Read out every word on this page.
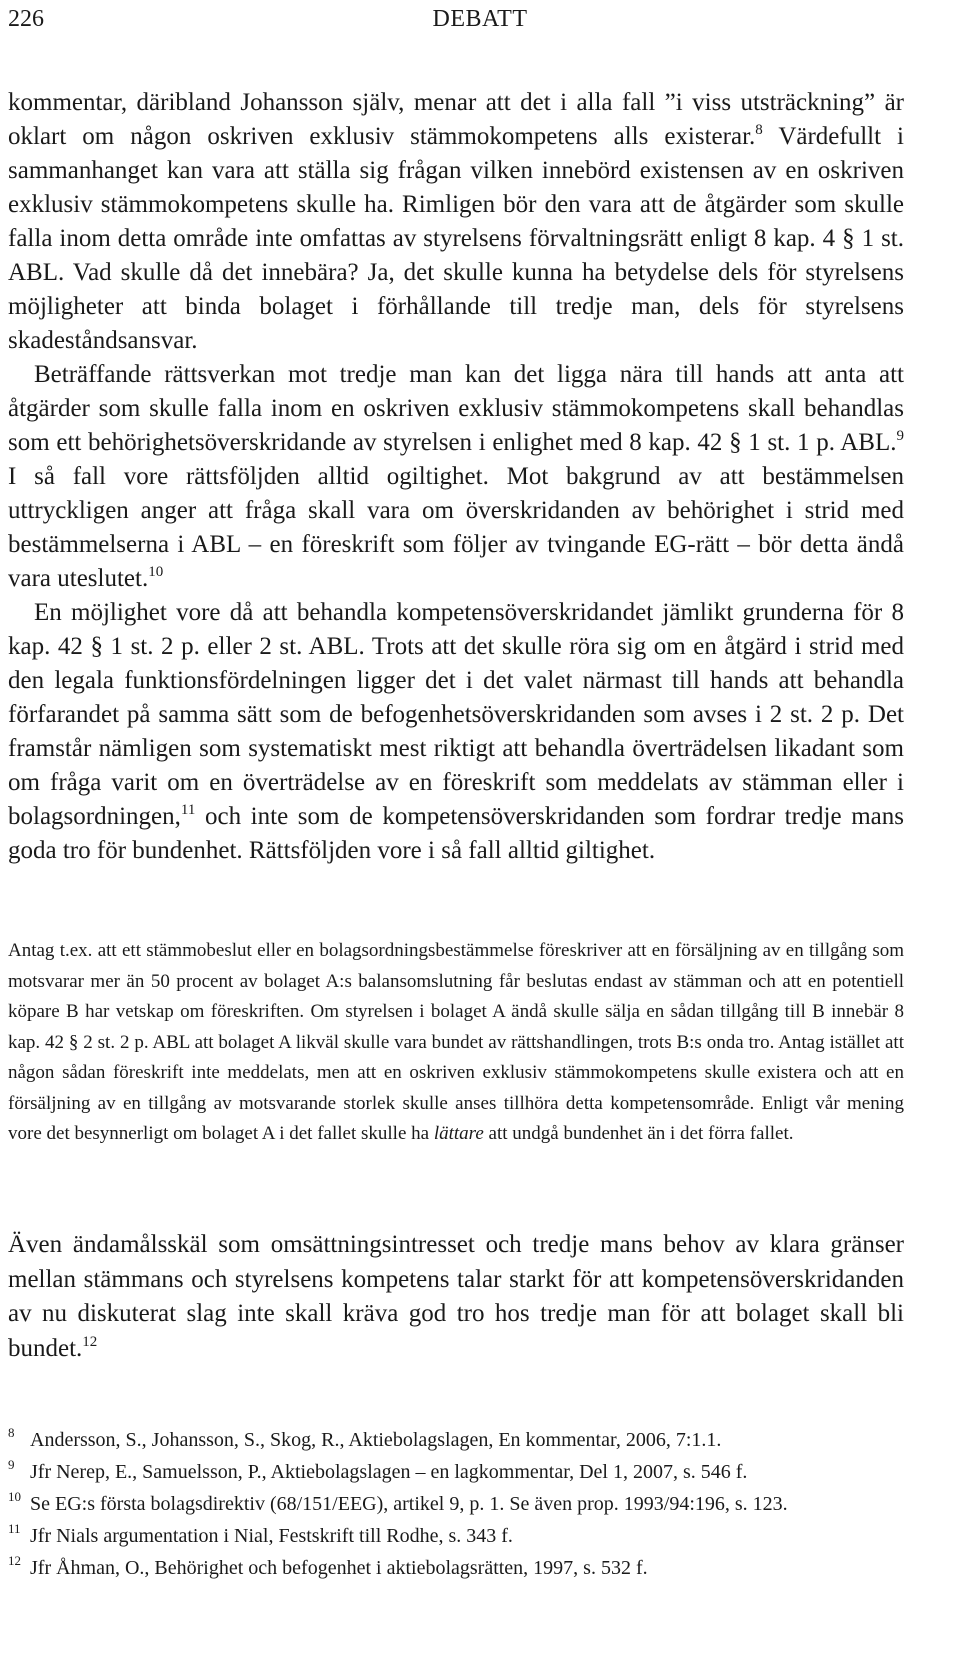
226	DEBATT

kommentar, däribland Johansson själv, menar att det i alla fall ”i viss utsträckning” är oklart om någon oskriven exklusiv stämmokompetens alls existerar.$^8$ Värdefullt i sammanhanget kan vara att ställa sig frågan vilken innebörd existensen av en oskriven exklusiv stämmokompetens skulle ha. Rimligen bör den vara att de åtgärder som skulle falla inom detta område inte omfattas av styrelsens förvaltningsrätt enligt 8 kap. 4 § 1 st. ABL. Vad skulle då det innebära? Ja, det skulle kunna ha betydelse dels för styrelsens möjligheter att binda bolaget i förhållande till tredje man, dels för styrelsens skadeståndsansvar.

Beträffande rättsverkan mot tredje man kan det ligga nära till hands att anta att åtgärder som skulle falla inom en oskriven exklusiv stämmokompetens skall behandlas som ett behörighetsöverskridande av styrelsen i enlighet med 8 kap. 42 § 1 st. 1 p. ABL.$^9$ I så fall vore rättsföljden alltid ogiltighet. Mot bakgrund av att bestämmelsen uttryckligen anger att fråga skall vara om överskridanden av behörighet i strid med bestämmelserna i ABL – en föreskrift som följer av tvingande EG-rätt – bör detta ändå vara uteslutet.$^{10}$

En möjlighet vore då att behandla kompetensöverskridandet jämlikt grunderna för 8 kap. 42 § 1 st. 2 p. eller 2 st. ABL. Trots att det skulle röra sig om en åtgärd i strid med den legala funktionsfördelningen ligger det i det valet närmast till hands att behandla förfarandet på samma sätt som de befogenhetsöverskridanden som avses i 2 st. 2 p. Det framstår nämligen som systematiskt mest riktigt att behandla överträdelsen likadant som om fråga varit om en överträdelse av en föreskrift som meddelats av stämman eller i bolagsordningen,$^{11}$ och inte som de kompetensöverskridanden som fordrar tredje mans goda tro för bundenhet. Rättsföljden vore i så fall alltid giltighet.

Antag t.ex. att ett stämmobeslut eller en bolagsordningsbestämmelse föreskriver att en försäljning av en tillgång som motsvarar mer än 50 procent av bolaget A:s balansomslutning får beslutas endast av stämman och att en potentiell köpare B har vetskap om föreskriften. Om styrelsen i bolaget A ändå skulle sälja en sådan tillgång till B innebär 8 kap. 42 § 2 st. 2 p. ABL att bolaget A likväl skulle vara bundet av rättshandlingen, trots B:s onda tro. Antag istället att någon sådan föreskrift inte meddelats, men att en oskriven exklusiv stämmokompetens skulle existera och att en försäljning av en tillgång av motsvarande storlek skulle anses tillhöra detta kompetensområde. Enligt vår mening vore det besynnerligt om bolaget A i det fallet skulle ha lättare att undgå bundenhet än i det förra fallet.

Även ändamålsskäl som omsättningsintresset och tredje mans behov av klara gränser mellan stämmans och styrelsens kompetens talar starkt för att kompetensöverskridanden av nu diskuterat slag inte skall kräva god tro hos tredje man för att bolaget skall bli bundet.$^{12}$

8 Andersson, S., Johansson, S., Skog, R., Aktiebolagslagen, En kommentar, 2006, 7:1.1.
9 Jfr Nerep, E., Samuelsson, P., Aktiebolagslagen – en lagkommentar, Del 1, 2007, s. 546 f.
10 Se EG:s första bolagsdirektiv (68/151/EEG), artikel 9, p. 1. Se även prop. 1993/94:196, s. 123.
11 Jfr Nials argumentation i Nial, Festskrift till Rodhe, s. 343 f.
12 Jfr Åhman, O., Behörighet och befogenhet i aktiebolagsrätten, 1997, s. 532 f.
